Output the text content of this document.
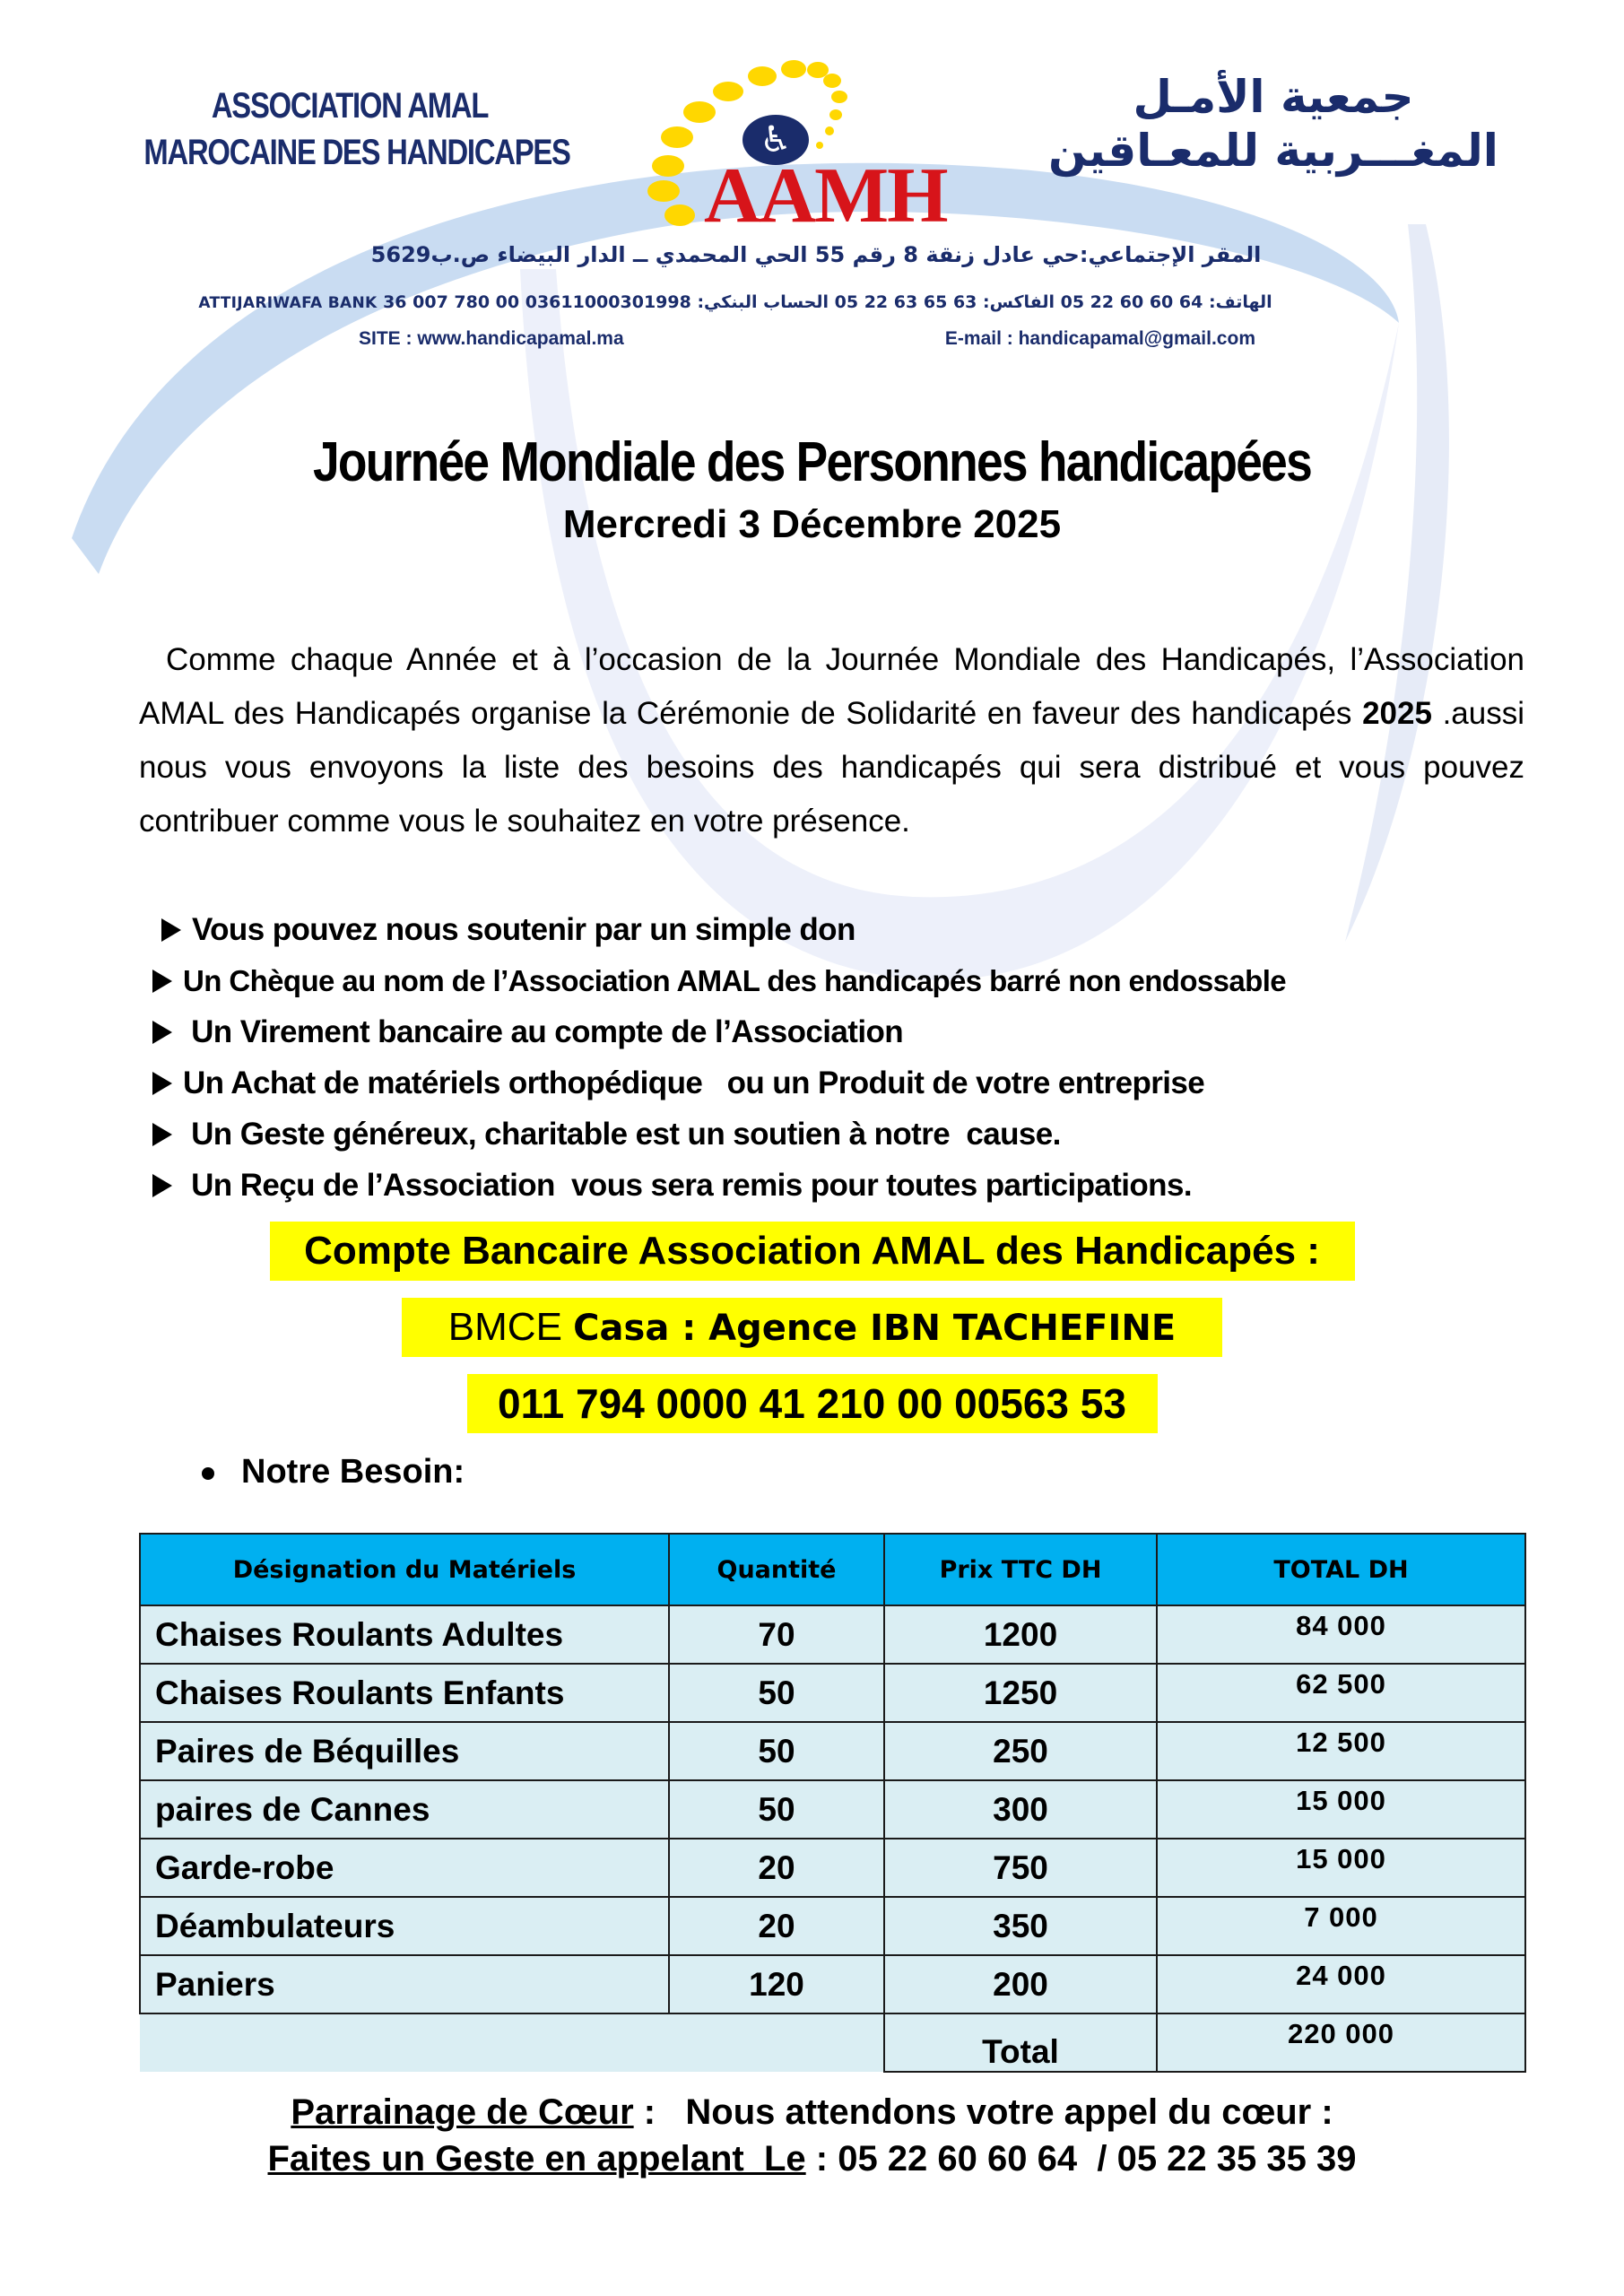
ASSOCIATION AMAL
MAROCAINE DES HANDICAPES	♿
AAMH
جمعية الأمـل
المغـــربية للمعـاقين
المقر الإجتماعي:حي عادل زنقة 8 رقم 55 الحي المحمدي ــ الدار البيضاء ص.ب5629
ATTIJARIWAFA BANK 36 007 780 00 03611000301998 الهاتف: 64 60 60 22 05 الفاكس: 63 65 63 22 05 الحساب البنكي:
SITE : www.handicapamal.ma	E-mail : handicapamal@gmail.com
Journée Mondiale des Personnes handicapées
Mercredi 3 Décembre 2025
Comme chaque Année et à l’occasion de la Journée Mondiale des Handicapés, l’Association AMAL des Handicapés organise la Cérémonie de Solidarité en faveur des handicapés 2025 .aussi nous vous envoyons la liste des besoins des handicapés qui sera distribué et vous pouvez contribuer comme vous le souhaitez en votre présence.
Vous pouvez nous soutenir par un simple don
Un Chèque au nom de l’Association AMAL des handicapés barré non endossable

Un Virement bancaire au compte de l’Association
Un Achat de matériels orthopédique   ou un Produit de votre entreprise

Un Geste généreux, charitable est un soutien à notre  cause.

Un Reçu de l’Association  vous sera remis pour toutes participations.
Compte Bancaire Association AMAL des Handicapés :
BMCE Casa : Agence IBN TACHEFINE
011 794 0000 41 210 00 00563 53
Notre Besoin:
Désignation du Matériels	Quantité	Prix TTC DH	TOTAL DH
Chaises Roulants Adultes	70	1200	84 000
Chaises Roulants Enfants	50	1250	62 500
Paires de Béquilles	50	250	12 500
paires de Cannes	50	300	15 000
Garde-robe	20	750	15 000
Déambulateurs	20	350	7 000
Paniers	120	200	24 000
		Total	220 000
Parrainage de Cœur :   Nous attendons votre appel du cœur :
Faites un Geste en appelant  Le : 05 22 60 60 64  / 05 22 35 35 39
